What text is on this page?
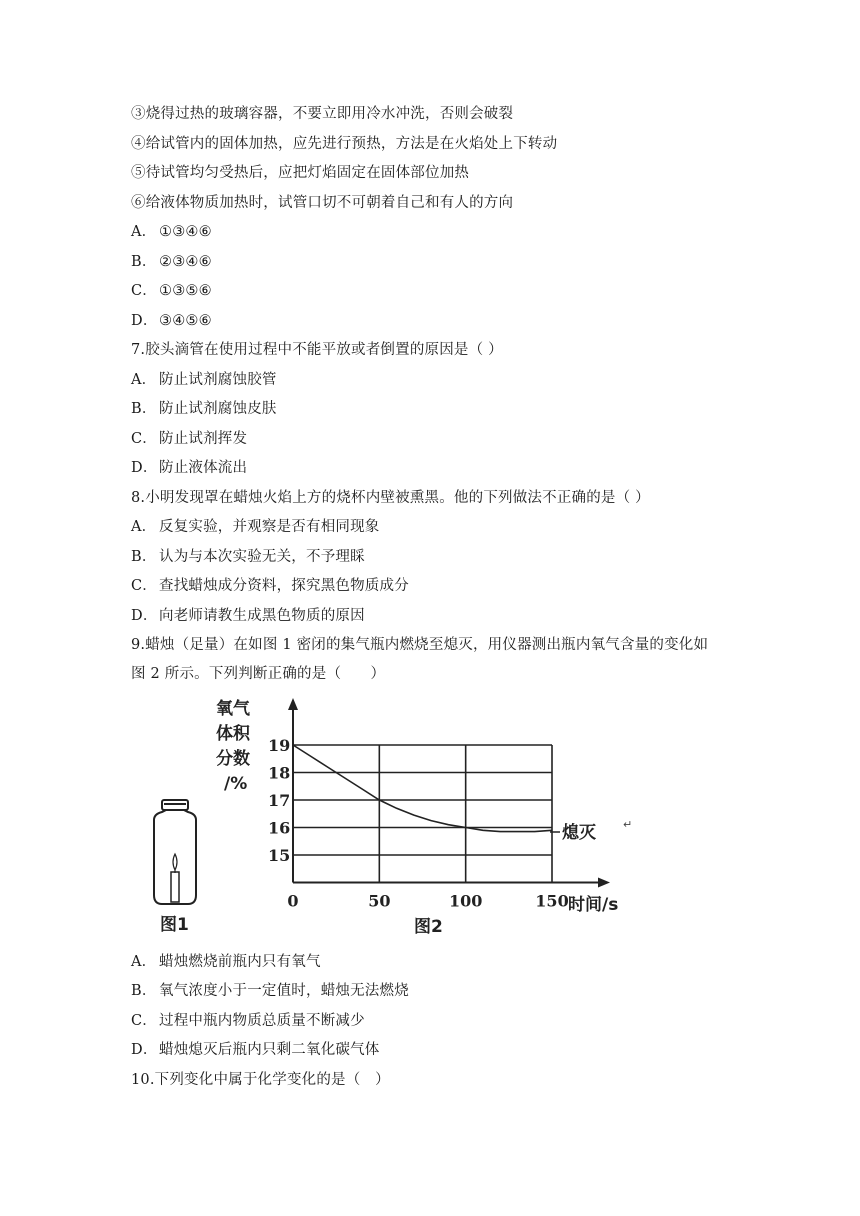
③烧得过热的玻璃容器，不要立即用冷水冲洗，否则会破裂
④给试管内的固体加热，应先进行预热，方法是在火焰处上下转动
⑤待试管均匀受热后，应把灯焰固定在固体部位加热
⑥给液体物质加热时，试管口切不可朝着自己和有人的方向
A． ①③④⑥
B． ②③④⑥
C． ①③⑤⑥
D．③④⑤⑥
7.胶头滴管在使用过程中不能平放或者倒置的原因是（ ）
A． 防止试剂腐蚀胶管
B． 防止试剂腐蚀皮肤
C． 防止试剂挥发
D．防止液体流出
8.小明发现罩在蜡烛火焰上方的烧杯内壁被熏黑。他的下列做法不正确的是（ ）
A． 反复实验，并观察是否有相同现象
B． 认为与本次实验无关，不予理睬
C． 查找蜡烛成分资料，探究黑色物质成分
D．向老师请教生成黑色物质的原因
9.蜡烛（足量）在如图 1 密闭的集气瓶内燃烧至熄灭，用仪器测出瓶内氧气含量的变化如
图 2 所示。下列判断正确的是（　　）
图1
氧气
体积
分数
/%
15
16
17
18
19
0	50	100	150
熄灭 ↵
时间/s
图2
A． 蜡烛燃烧前瓶内只有氧气
B． 氧气浓度小于一定值时，蜡烛无法燃烧
C． 过程中瓶内物质总质量不断减少
D．蜡烛熄灭后瓶内只剩二氧化碳气体
10.下列变化中属于化学变化的是（　）
